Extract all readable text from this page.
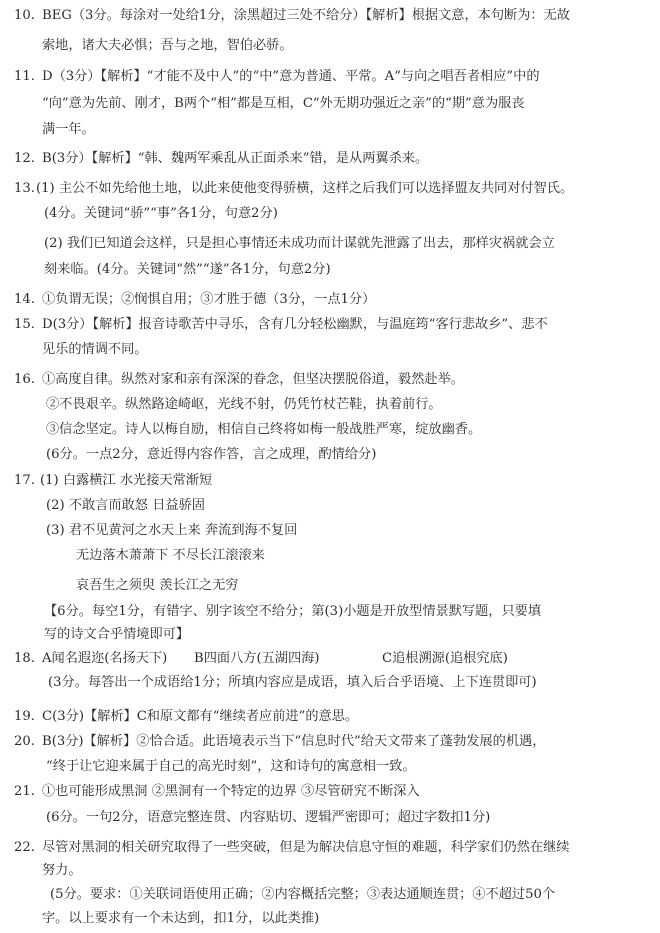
10. BEG（3分。每涂对一处给1分，涂黑超过三处不给分）【解析】根据文意，本句断为：无故
索地，诸大夫必惧；吾与之地，智伯必骄。
11. D（3分）【解析】“才能不及中人”的“中”意为普通、平常。A“与向之唱吾者相应”中的
“向”意为先前、刚才，B两个“相”都是互相，C“外无期功强近之亲”的“期”意为服丧
满一年。
12. B(3分）【解析】“韩、魏两军乘乱从正面杀来”错，是从两翼杀来。
13. (1) 主公不如先给他土地，以此来使他变得骄横，这样之后我们可以选择盟友共同对付智氏。
(4分。关键词“骄”“事”各1分，句意2分)
(2) 我们已知道会这样，只是担心事情还未成功而计谋就先泄露了出去，那样灾祸就会立
刻来临。(4分。关键词“然”“遂”各1分，句意2分)
14. ①负谓无误；②悯惧自用；③才胜于德（3分，一点1分）
15. D(3分）【解析】报音诗歌苦中寻乐，含有几分轻松幽默，与温庭筠“客行悲故乡”、悲不
见乐的情调不同。
16. ①高度自律。纵然对家和亲有深深的眷念，但坚决摆脱俗道，毅然赴举。
②不畏艰辛。纵然路途崎岖，光线不射，仍凭竹杖芒鞋，执着前行。
③信念坚定。诗人以梅自励，相信自己终将如梅一般战胜严寒，绽放幽香。
(6分。一点2分，意近得内容作答，言之成理，酌情给分)
17. (1) 白露横江 水光接天常渐短
(2) 不敢言而敢怒 日益骄固
(3) 君不见黄河之水天上来 奔流到海不复回
无边落木萧萧下 不尽长江滚滚来
哀吾生之须臾 羡长江之无穷
【6分。每空1分，有错字、别字该空不给分；第(3)小题是开放型情景默写题，只要填
写的诗文合乎情境即可】
18. A闻名遐迩(名扬天下) B四面八方(五湖四海)	C追根溯源(追根究底)
(3分。每答出一个成语给1分；所填内容应是成语，填入后合乎语境、上下连贯即可)
19. C(3分)【解析】C和原文都有“继续者应前进”的意思。
20. B(3分)【解析】②恰合适。此语境表示当下“信息时代”给天文带来了蓬勃发展的机遇，
“终于让它迎来属于自己的高光时刻”，这和诗句的寓意相一致。
21. ①也可能形成黑洞 ②黑洞有一个特定的边界 ③尽管研究不断深入
(6分。一句2分，语意完整连贯、内容贴切、逻辑严密即可；超过字数扣1分)
22. 尽管对黑洞的相关研究取得了一些突破，但是为解决信息守恒的难题，科学家们仍然在继续
努力。
(5分。要求：①关联词语使用正确；②内容概括完整；③表达通顺连贯；④不超过50个
字。以上要求有一个未达到，扣1分，以此类推)
